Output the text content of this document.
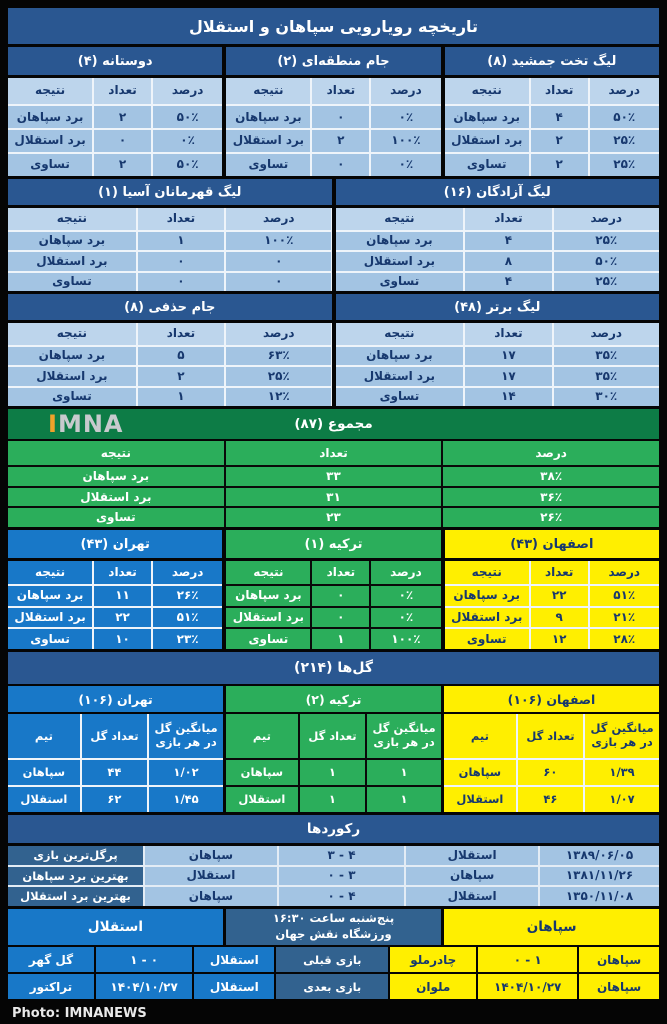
تاریخچه رویارویی سپاهان و استقلال
دوستانه (۴)
نتیجه	تعداد	درصد
برد سپاهان	۲	۵۰٪
برد استقلال	۰	۰٪
تساوی	۲	۵۰٪
جام منطقه‌ای (۲)
نتیجه	تعداد	درصد
برد سپاهان	۰	۰٪
برد استقلال	۲	۱۰۰٪
تساوی	۰	۰٪
لیگ تخت جمشید (۸)
نتیجه	تعداد	درصد
برد سپاهان	۴	۵۰٪
برد استقلال	۲	۲۵٪
تساوی	۲	۲۵٪
لیگ قهرمانان آسیا (۱)
نتیجه	تعداد	درصد
برد سپاهان	۱	۱۰۰٪
برد استقلال	۰	۰
تساوی	۰	۰
لیگ آزادگان (۱۶)
نتیجه	تعداد	درصد
برد سپاهان	۴	۲۵٪
برد استقلال	۸	۵۰٪
تساوی	۴	۲۵٪
جام حذفی (۸)
نتیجه	تعداد	درصد
برد سپاهان	۵	۶۳٪
برد استقلال	۲	۲۵٪
تساوی	۱	۱۲٪
لیگ برتر (۴۸)
نتیجه	تعداد	درصد
برد سپاهان	۱۷	۳۵٪
برد استقلال	۱۷	۳۵٪
تساوی	۱۴	۳۰٪
IMNA	مجموع (۸۷)
نتیجه	تعداد	درصد
برد سپاهان	۳۳	۳۸٪
برد استقلال	۳۱	۳۶٪
تساوی	۲۳	۲۶٪
تهران (۴۳)
نتیجه	تعداد	درصد
برد سپاهان	۱۱	۲۶٪
برد استقلال	۲۲	۵۱٪
تساوی	۱۰	۲۳٪
ترکیه (۱)
نتیجه	تعداد	درصد
برد سپاهان	۰	۰٪
برد استقلال	۰	۰٪
تساوی	۱	۱۰۰٪
اصفهان (۴۳)
نتیجه	تعداد	درصد
برد سپاهان	۲۲	۵۱٪
برد استقلال	۹	۲۱٪
تساوی	۱۲	۲۸٪
گل‌ها (۲۱۴)
تهران (۱۰۶)	ترکیه (۲)	اصفهان (۱۰۶)
تیم	تعداد گل
میانگین گل
در هر بازی
سپاهان	۴۴	۱/۰۲
استقلال	۶۲	۱/۴۵
تیم	تعداد گل
میانگین گل
در هر بازی
سپاهان	۱	۱
استقلال	۱	۱
تیم	تعداد گل
میانگین گل
در هر بازی
سپاهان	۶۰	۱/۳۹
استقلال	۴۶	۱/۰۷
رکوردها
پرگل‌ترین بازی	سپاهان	۳ - ۴	استقلال	۱۳۸۹/۰۶/۰۵
بهترین برد سپاهان	استقلال	۰ - ۳	سپاهان	۱۳۸۱/۱۱/۲۶
بهترین برد استقلال	سپاهان	۰ - ۴	استقلال	۱۳۵۰/۱۱/۰۸
استقلال
پنج‌شنبه ساعت ۱۶:۳۰
ورزشگاه نقش جهان	سپاهان
گل گهر	۱ - ۰	استقلال	بازی قبلی	چادرملو	۰ - ۱	سپاهان
تراکتور	۱۴۰۴/۱۰/۲۷	استقلال	بازی بعدی	ملوان	۱۴۰۴/۱۰/۲۷	سپاهان
Photo: IMNANEWS
